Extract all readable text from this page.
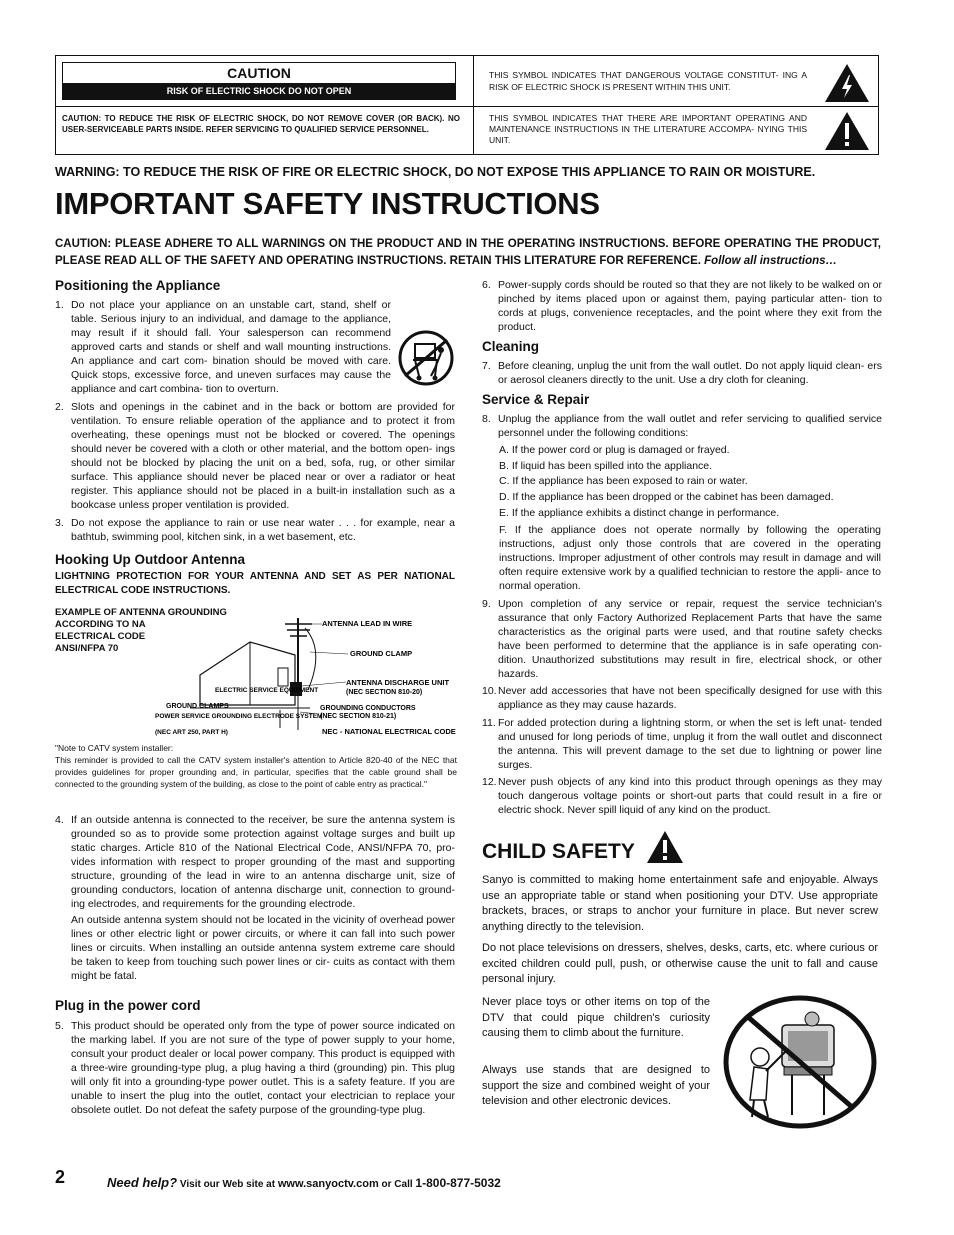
CAUTION
RISK OF ELECTRIC SHOCK DO NOT OPEN
CAUTION: TO REDUCE THE RISK OF ELECTRIC SHOCK, DO NOT REMOVE COVER (OR BACK). NO USER-SERVICEABLE PARTS INSIDE. REFER SERVICING TO QUALIFIED SERVICE PERSONNEL.
THIS SYMBOL INDICATES THAT DANGEROUS VOLTAGE CONSTITUT- ING A RISK OF ELECTRIC SHOCK IS PRESENT WITHIN THIS UNIT.
THIS SYMBOL INDICATES THAT THERE ARE IMPORTANT OPERATING AND MAINTENANCE INSTRUCTIONS IN THE LITERATURE ACCOMPA- NYING THIS UNIT.
WARNING: TO REDUCE THE RISK OF FIRE OR ELECTRIC SHOCK, DO NOT EXPOSE THIS APPLIANCE TO RAIN OR MOISTURE.
IMPORTANT SAFETY INSTRUCTIONS
CAUTION: PLEASE ADHERE TO ALL WARNINGS ON THE PRODUCT AND IN THE OPERATING INSTRUCTIONS. BEFORE OPERATING THE PRODUCT, PLEASE READ ALL OF THE SAFETY AND OPERATING INSTRUCTIONS. RETAIN THIS LITERATURE FOR REFERENCE. Follow all instructions…
Positioning the Appliance
1. Do not place your appliance on an unstable cart, stand, shelf or table. Serious injury to an individual, and damage to the appliance, may result if it should fall. Your salesperson can recommend approved carts and stands or shelf and wall mounting instructions. An appliance and cart com- bination should be moved with care. Quick stops, excessive force, and uneven surfaces may cause the appliance and cart combina- tion to overturn.
2. Slots and openings in the cabinet and in the back or bottom are provided for ventilation. To ensure reliable operation of the appliance and to protect it from overheating, these openings must not be blocked or covered. The openings should never be covered with a cloth or other material, and the bottom open- ings should not be blocked by placing the unit on a bed, sofa, rug, or other similar surface. This appliance should never be placed near or over a radiator or heat register. This appliance should not be placed in a built-in installation such as a bookcase unless proper ventilation is provided.
3. Do not expose the appliance to rain or use near water . . . for example, near a bathtub, swimming pool, kitchen sink, in a wet basement, etc.
Hooking Up Outdoor Antenna
LIGHTNING PROTECTION FOR YOUR ANTENNA AND SET AS PER NATIONAL ELECTRICAL CODE INSTRUCTIONS.
EXAMPLE OF ANTENNA GROUNDING
ACCORDING TO NA
ELECTRICAL CODE
ANSI/NFPA 70
ANTENNA LEAD IN WIRE
GROUND CLAMP
ANTENNA DISCHARGE UNIT
(NEC SECTION 810-20)
ELECTRIC SERVICE EQUIPMENT
GROUNDING CONDUCTORS
(NEC SECTION 810-21)
GROUND CLAMPS
POWER SERVICE GROUNDING ELECTRODE SYSTEM
(NEC ART 250, PART H)	NEC - NATIONAL ELECTRICAL CODE
"Note to CATV system installer:
This reminder is provided to call the CATV system installer's attention to Article 820-40 of the NEC that provides guidelines for proper grounding and, in particular, specifies that the cable ground shall be connected to the grounding system of the building, as close to the point of cable entry as practical."
4. If an outside antenna is connected to the receiver, be sure the antenna system is grounded so as to provide some protection against voltage surges and built up static charges. Article 810 of the National Electrical Code, ANSI/NFPA 70, pro- vides information with respect to proper grounding of the mast and supporting structure, grounding of the lead in wire to an antenna discharge unit, size of grounding conductors, location of antenna discharge unit, connection to ground- ing electrodes, and requirements for the grounding electrode.
An outside antenna system should not be located in the vicinity of overhead power lines or other electric light or power circuits, or where it can fall into such power lines or circuits. When installing an outside antenna system extreme care should be taken to keep from touching such power lines or cir- cuits as contact with them might be fatal.
Plug in the power cord
5. This product should be operated only from the type of power source indicated on the marking label. If you are not sure of the type of power supply to your home, consult your product dealer or local power company. This product is equipped with a three-wire grounding-type plug, a plug having a third (grounding) pin. This plug will only fit into a grounding-type power outlet. This is a safety feature. If you are unable to insert the plug into the outlet, contact your electrician to replace your obsolete outlet. Do not defeat the safety purpose of the grounding-type plug.
6. Power-supply cords should be routed so that they are not likely to be walked on or pinched by items placed upon or against them, paying particular atten- tion to cords at plugs, convenience receptacles, and the point where they exit from the product.
Cleaning
7. Before cleaning, unplug the unit from the wall outlet. Do not apply liquid clean- ers or aerosol cleaners directly to the unit. Use a dry cloth for cleaning.
Service & Repair
8. Unplug the appliance from the wall outlet and refer servicing to qualified service personnel under the following conditions:
A. If the power cord or plug is damaged or frayed.
B. If liquid has been spilled into the appliance.
C. If the appliance has been exposed to rain or water.
D. If the appliance has been dropped or the cabinet has been damaged.
E. If the appliance exhibits a distinct change in performance.
F. If the appliance does not operate normally by following the operating instructions, adjust only those controls that are covered in the operating instructions. Improper adjustment of other controls may result in damage and will often require extensive work by a qualified technician to restore the appli- ance to normal operation.
9. Upon completion of any service or repair, request the service technician's assurance that only Factory Authorized Replacement Parts that have the same characteristics as the original parts were used, and that routine safety checks have been performed to determine that the appliance is in safe operating con- dition. Unauthorized substitutions may result in fire, electrical shock, or other hazards.
10. Never add accessories that have not been specifically designed for use with this appliance as they may cause hazards.
11. For added protection during a lightning storm, or when the set is left unat- tended and unused for long periods of time, unplug it from the wall outlet and disconnect the antenna. This will prevent damage to the set due to lightning or power line surges.
12. Never push objects of any kind into this product through openings as they may touch dangerous voltage points or short-out parts that could result in a fire or electric shock. Never spill liquid of any kind on the product.
CHILD SAFETY
Sanyo is committed to making home entertainment safe and enjoyable. Always use an appropriate table or stand when positioning your DTV. Use appropriate brackets, braces, or straps to anchor your furniture in place. But never screw anything directly to the television.
Do not place televisions on dressers, shelves, desks, carts, etc. where curious or excited children could pull, push, or otherwise cause the unit to fall and cause personal injury.
Never place toys or other items on top of the DTV that could pique children's curiosity causing them to climb about the furniture.
Always use stands that are designed to support the size and combined weight of your television and other electronic devices.
2	Need help? Visit our Web site at www.sanyoctv.com or Call 1-800-877-5032
